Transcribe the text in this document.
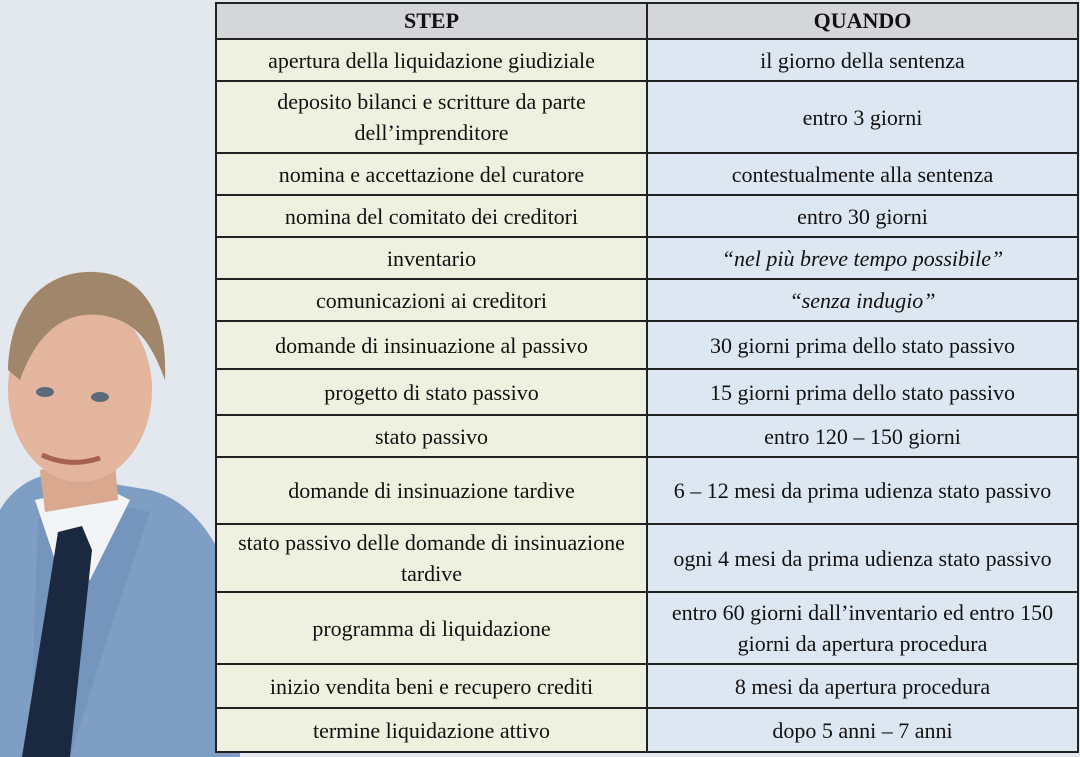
STEP	QUANDO
apertura della liquidazione giudiziale	il giorno della sentenza
deposito bilanci e scritture da parte dell’imprenditore	entro 3 giorni
nomina e accettazione del curatore	contestualmente alla sentenza
nomina del comitato dei creditori	entro 30 giorni
inventario	“nel più breve tempo possibile”
comunicazioni ai creditori	“senza indugio”
domande di insinuazione al passivo	30 giorni prima dello stato passivo
progetto di stato passivo	15 giorni prima dello stato passivo
stato passivo	entro 120 – 150 giorni
domande di insinuazione tardive	6 – 12 mesi da prima udienza stato passivo
stato passivo delle domande di insinuazione tardive	ogni 4 mesi da prima udienza stato passivo
programma di liquidazione	entro 60 giorni dall’inventario ed entro 150 giorni da apertura procedura
inizio vendita beni e recupero crediti	8 mesi da apertura procedura
termine liquidazione attivo	dopo 5 anni – 7 anni
